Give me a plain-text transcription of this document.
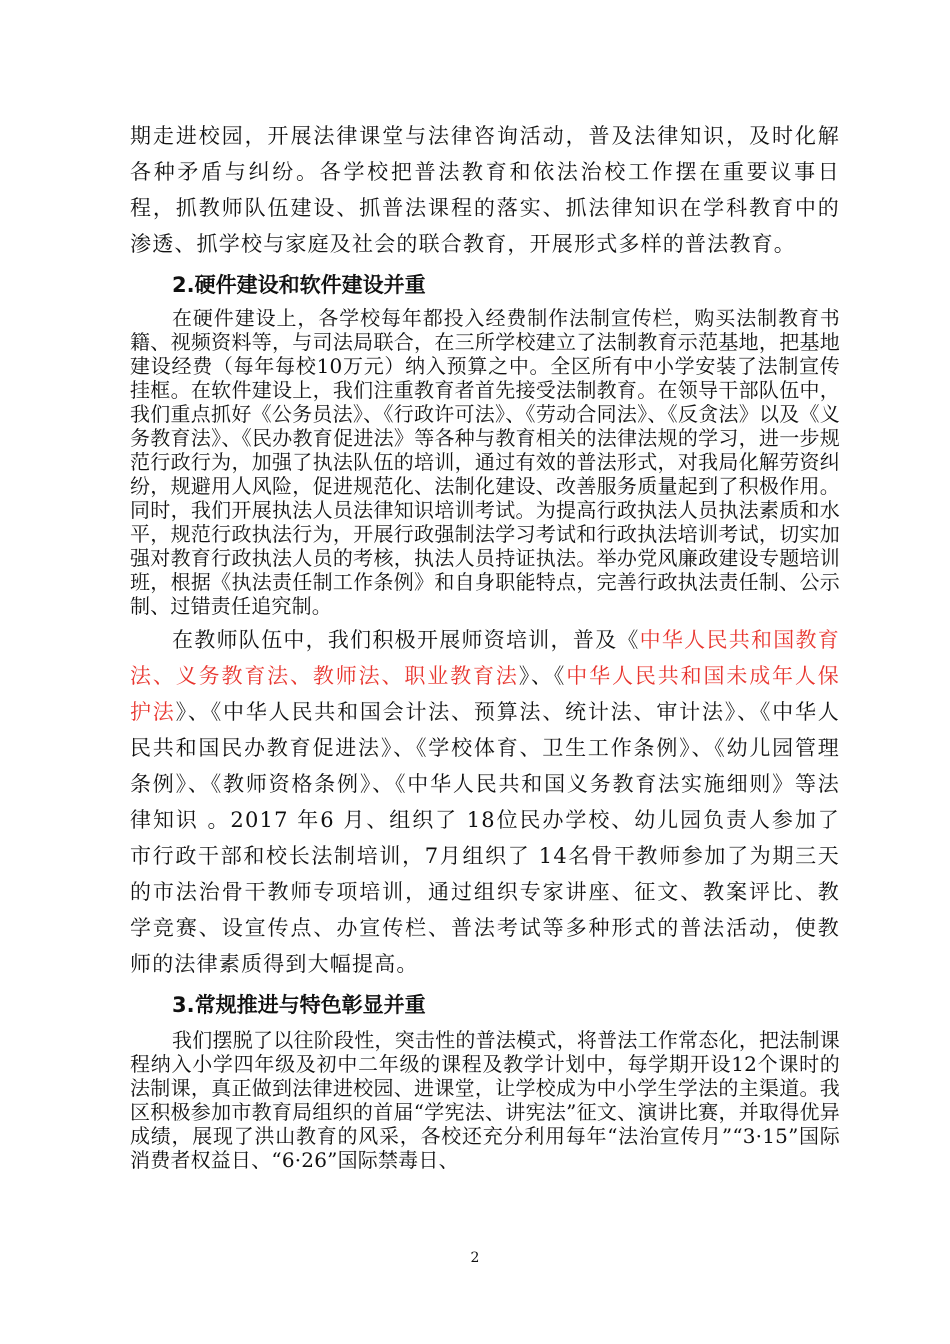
期走进校园，开展法律课堂与法律咨询活动，普及法律知识，及时化解各种矛盾与纠纷。各学校把普法教育和依法治校工作摆在重要议事日程，抓教师队伍建设、抓普法课程的落实、抓法律知识在学科教育中的渗透、抓学校与家庭及社会的联合教育，开展形式多样的普法教育。

2.硬件建设和软件建设并重

在硬件建设上，各学校每年都投入经费制作法制宣传栏，购买法制教育书籍、视频资料等，与司法局联合，在三所学校建立了法制教育示范基地，把基地建设经费（每年每校10万元）纳入预算之中。全区所有中小学安装了法制宣传挂框。在软件建设上，我们注重教育者首先接受法制教育。在领导干部队伍中，我们重点抓好《公务员法》、《行政许可法》、《劳动合同法》、《反贪法》以及《义务教育法》、《民办教育促进法》等各种与教育相关的法律法规的学习，进一步规范行政行为，加强了执法队伍的培训，通过有效的普法形式，对我局化解劳资纠纷，规避用人风险，促进规范化、法制化建设、改善服务质量起到了积极作用。同时，我们开展执法人员法律知识培训考试。为提高行政执法人员执法素质和水平，规范行政执法行为，开展行政强制法学习考试和行政执法培训考试，切实加强对教育行政执法人员的考核，执法人员持证执法。举办党风廉政建设专题培训班，根据《执法责任制工作条例》和自身职能特点，完善行政执法责任制、公示制、过错责任追究制。

在教师队伍中，我们积极开展师资培训，普及《中华人民共和国教育法、义务教育法、教师法、职业教育法》、《中华人民共和国未成年人保护法》、《中华人民共和国会计法、预算法、统计法、审计法》、《中华人民共和国民办教育促进法》、《学校体育、卫生工作条例》、《幼儿园管理条例》、《教师资格条例》、《中华人民共和国义务教育法实施细则》等法律知识 。2017 年6 月、组织了 18位民办学校、幼儿园负责人参加了市行政干部和校长法制培训，7月组织了 14名骨干教师参加了为期三天的市法治骨干教师专项培训，通过组织专家讲座、征文、教案评比、教学竞赛、设宣传点、办宣传栏、普法考试等多种形式的普法活动，使教师的法律素质得到大幅提高。

3.常规推进与特色彰显并重

我们摆脱了以往阶段性，突击性的普法模式，将普法工作常态化，把法制课程纳入小学四年级及初中二年级的课程及教学计划中，每学期开设12个课时的法制课，真正做到法律进校园、进课堂，让学校成为中小学生学法的主渠道。我区积极参加市教育局组织的首届“学宪法、讲宪法”征文、演讲比赛，并取得优异成绩，展现了洪山教育的风采，各校还充分利用每年“法治宣传月”“3·15”国际消费者权益日、“6·26”国际禁毒日、

2
